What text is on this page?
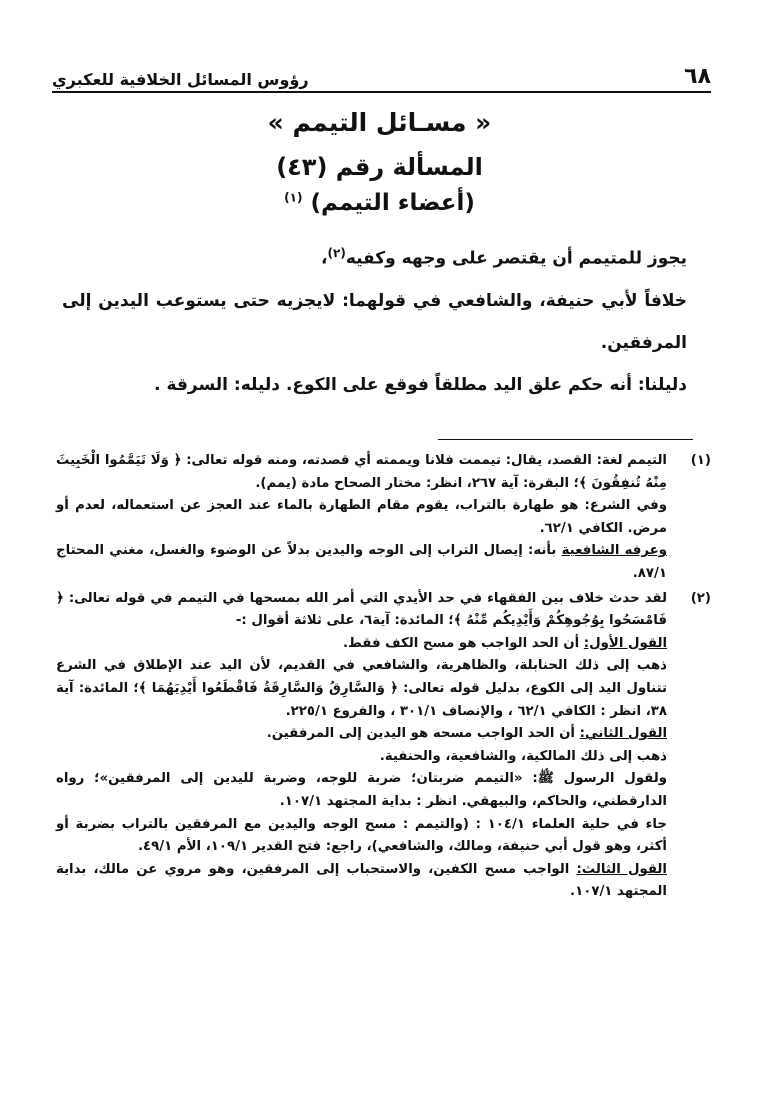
٦٨
رؤوس المسائل الخلافية للعكبري
« مسـائل التيمم »
المسألة رقم (٤٣)
(أعضاء التيمم) $^{(١)}$

يجوز للمتيمم أن يقتصر على وجهه وكفيه$^{(٢)}$،

خلافاً لأبي حنيفة، والشافعي في قولهما: لايجزيه حتى يستوعب اليدين إلى المرفقين.

دليلنا: أنه حكم علق اليد مطلقاً فوقع على الكوع. دليله: السرقة .

(١)

التيمم لغة: القصد، يقال: تيممت فلانا ويممته أي قصدته، ومنه قوله تعالى: ﴿ وَلَا تَيَمَّمُوا الْخَبِيثَ مِنْهُ تُنفِقُونَ ﴾؛ البقرة: آية ٢٦٧، انظر: مختار الصحاح مادة (يمم).

وفي الشرع: هو طهارة بالتراب، يقوم مقام الطهارة بالماء عند العجز عن استعماله، لعدم أو مرض. الكافي ٦٢/١.

وعرفه الشافعية بأنه: إيصال التراب إلى الوجه واليدين بدلاً عن الوضوء والغسل، مغني المحتاج ٨٧/١.

(٢)

لقد حدث خلاف بين الفقهاء في حد الأيدي التي أمر الله بمسحها في التيمم في قوله تعالى: ﴿ فَامْسَحُوا بِوُجُوهِكُمْ وَأَيْدِيكُم مِّنْهُ ﴾؛ المائدة: آية٦، على ثلاثة أقوال :-

القول الأول: أن الحد الواجب هو مسح الكف فقط.

ذهب إلى ذلك الحنابلة، والظاهرية، والشافعي في القديم، لأن اليد عند الإطلاق في الشرع تتناول اليد إلى الكوع، بدليل قوله تعالى: ﴿ وَالسَّارِقُ وَالسَّارِقَةُ فَاقْطَعُوا أَيْدِيَهُمَا ﴾؛ المائدة: آية ٣٨، انظر : الكافي ٦٢/١ ، والإنصاف ٣٠١/١ ، والفروع ٢٢٥/١.

القول الثاني: أن الحد الواجب مسحه هو اليدين إلى المرفقين.

ذهب إلى ذلك المالكية، والشافعية، والحنفية.

ولقول الرسول ﷺ: «التيمم ضربتان؛ ضربة للوجه، وضربة لليدين إلى المرفقين»؛ رواه الدارقطني، والحاكم، والبيهقي. انظر : بداية المجتهد ١٠٧/١.

جاء في حلية العلماء ١٠٤/١ : (والتيمم : مسح الوجه واليدين مع المرفقين بالتراب بضربة أو أكثر، وهو قول أبي حنيفة، ومالك، والشافعي)، راجع: فتح القدير ١٠٩/١، الأم ٤٩/١.

القول الثالث: الواجب مسح الكفين، والاستحباب إلى المرفقين، وهو مروي عن مالك، بداية المجتهد ١٠٧/١.
